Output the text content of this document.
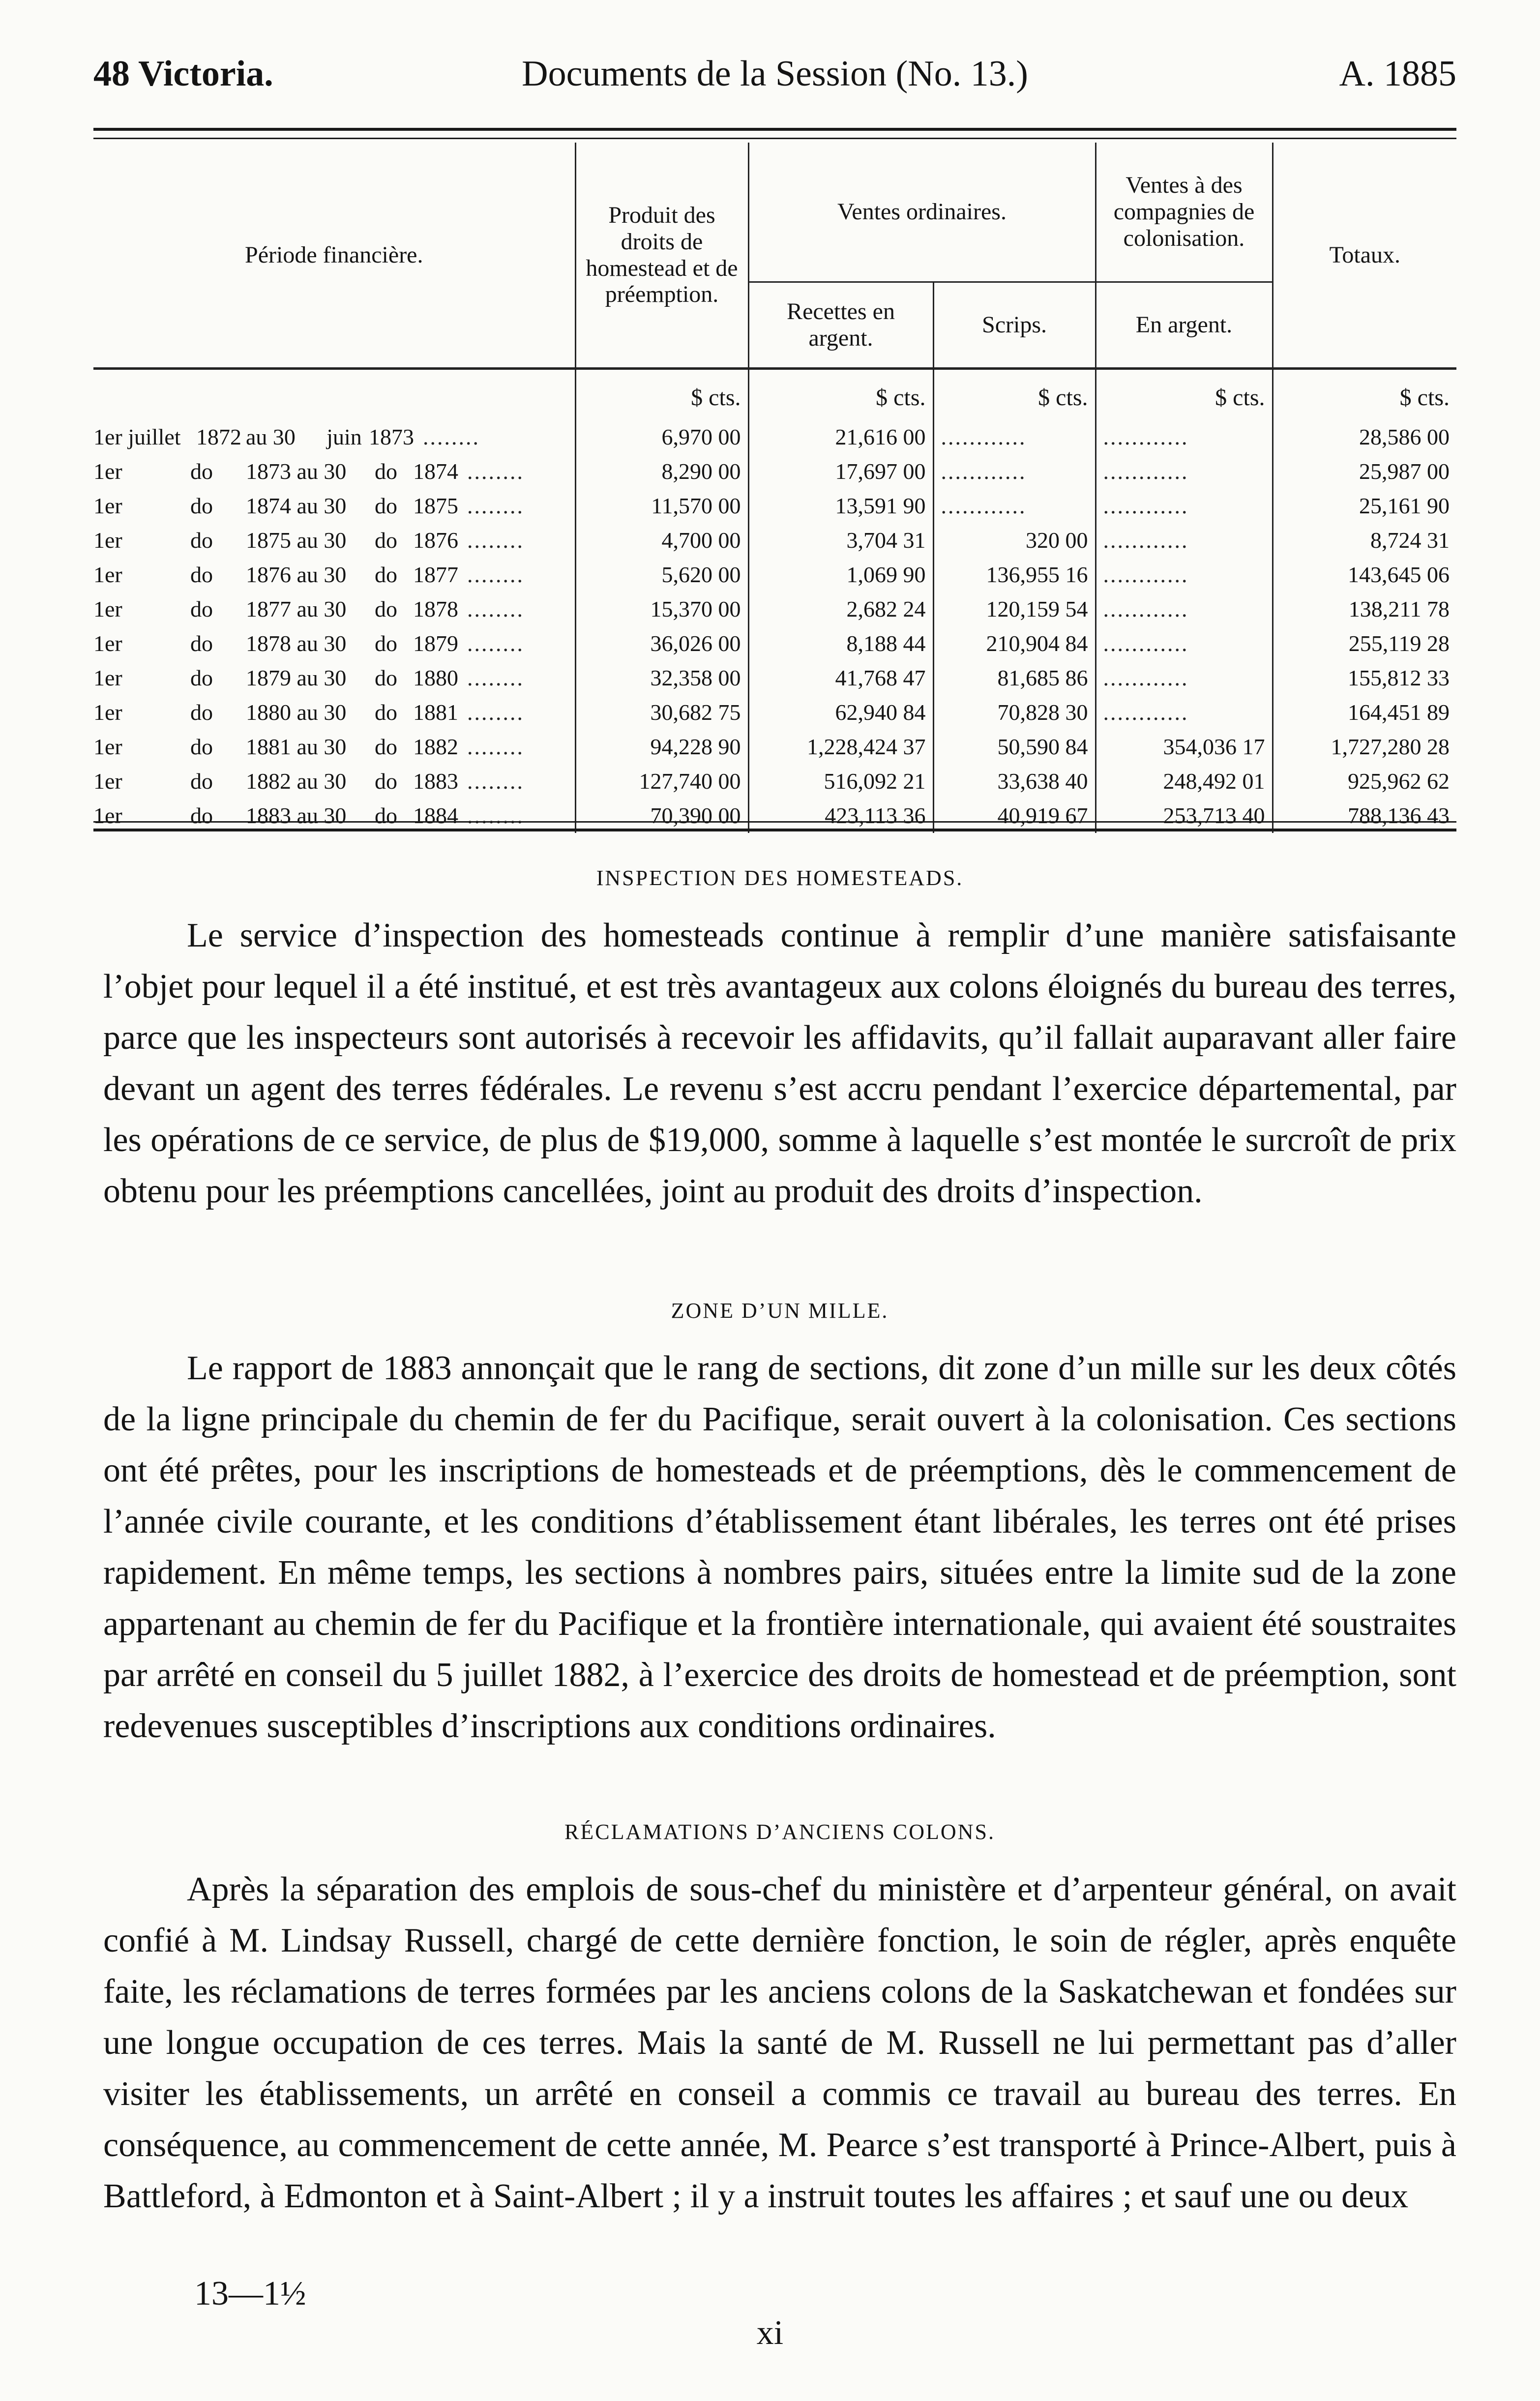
48 Victoria.	Documents de la Session (No. 13.)	A. 1885
Période financière.	Produit des droits de homestead et de préemption.	Ventes ordinaires.		Ventes à des compagnies de colonisation.	Totaux.
		Recettes en argent.	Scrips.	En argent.	
	$ cts.	$ cts.	$ cts.	$ cts.	$ cts.
1er juillet 1872 au 30 juin 1873 ........	6,970 00	21,616 00	............	............	28,586 00
1er do 1873 au 30 do 1874 ........	8,290 00	17,697 00	............	............	25,987 00
1er do 1874 au 30 do 1875 ........	11,570 00	13,591 90	............	............	25,161 90
1er do 1875 au 30 do 1876 ........	4,700 00	3,704 31	320 00	............	8,724 31
1er do 1876 au 30 do 1877 ........	5,620 00	1,069 90	136,955 16	............	143,645 06
1er do 1877 au 30 do 1878 ........	15,370 00	2,682 24	120,159 54	............	138,211 78
1er do 1878 au 30 do 1879 ........	36,026 00	8,188 44	210,904 84	............	255,119 28
1er do 1879 au 30 do 1880 ........	32,358 00	41,768 47	81,685 86	............	155,812 33
1er do 1880 au 30 do 1881 ........	30,682 75	62,940 84	70,828 30	............	164,451 89
1er do 1881 au 30 do 1882 ........	94,228 90	1,228,424 37	50,590 84	354,036 17	1,727,280 28
1er do 1882 au 30 do 1883 ........	127,740 00	516,092 21	33,638 40	248,492 01	925,962 62
1er do 1883 au 30 do 1884 ........	70,390 00	423,113 36	40,919 67	253,713 40	788,136 43

INSPECTION DES HOMESTEADS.

Le service d’inspection des homesteads continue à remplir d’une manière satisfaisante l’objet pour lequel il a été institué, et est très avantageux aux colons éloignés du bureau des terres, parce que les inspecteurs sont autorisés à recevoir les affidavits, qu’il fallait auparavant aller faire devant un agent des terres fédérales. Le revenu s’est accru pendant l’exercice départemental, par les opérations de ce service, de plus de $19,000, somme à laquelle s’est montée le surcroît de prix obtenu pour les préemptions cancellées, joint au produit des droits d’inspection.

ZONE D’UN MILLE.

Le rapport de 1883 annonçait que le rang de sections, dit zone d’un mille sur les deux côtés de la ligne principale du chemin de fer du Pacifique, serait ouvert à la colonisation. Ces sections ont été prêtes, pour les inscriptions de homesteads et de préemptions, dès le commencement de l’année civile courante, et les conditions d’établissement étant libérales, les terres ont été prises rapidement. En même temps, les sections à nombres pairs, situées entre la limite sud de la zone appartenant au chemin de fer du Pacifique et la frontière internationale, qui avaient été soustraites par arrêté en conseil du 5 juillet 1882, à l’exercice des droits de homestead et de préemption, sont redevenues susceptibles d’inscriptions aux conditions ordinaires.

RÉCLAMATIONS D’ANCIENS COLONS.

Après la séparation des emplois de sous-chef du ministère et d’arpenteur général, on avait confié à M. Lindsay Russell, chargé de cette dernière fonction, le soin de régler, après enquête faite, les réclamations de terres formées par les anciens colons de la Saskatchewan et fondées sur une longue occupation de ces terres. Mais la santé de M. Russell ne lui permettant pas d’aller visiter les établissements, un arrêté en conseil a commis ce travail au bureau des terres. En conséquence, au commencement de cette année, M. Pearce s’est transporté à Prince-Albert, puis à Battleford, à Edmonton et à Saint-Albert ; il y a instruit toutes les affaires ; et sauf une ou deux

13—1½
xi
